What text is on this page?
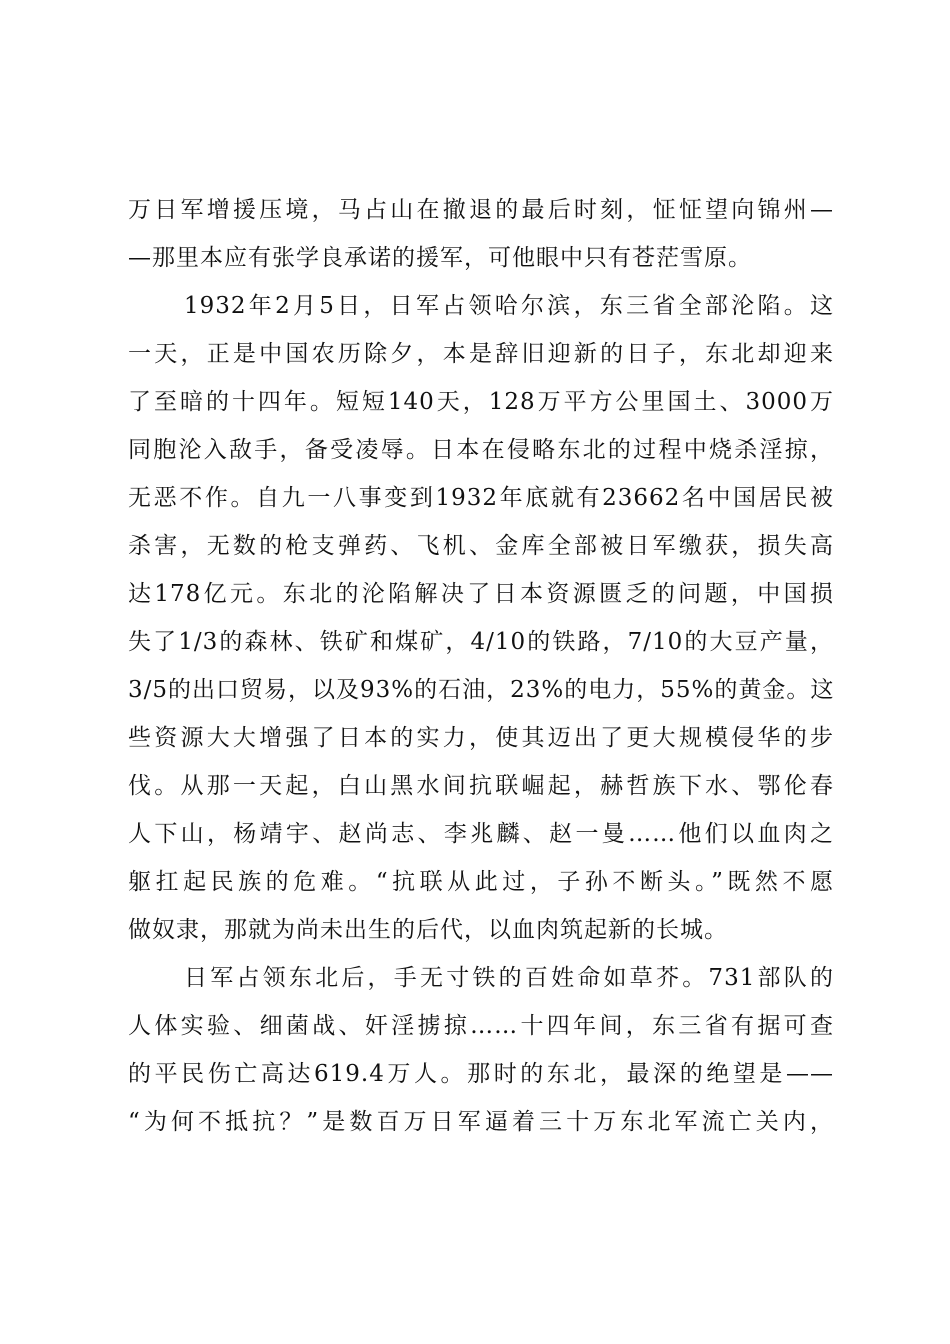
万日军增援压境，马占山在撤退的最后时刻，怔怔望向锦州—
—那里本应有张学良承诺的援军，可他眼中只有苍茫雪原。
1932年2月5日，日军占领哈尔滨，东三省全部沦陷。这
一天，正是中国农历除夕，本是辞旧迎新的日子，东北却迎来
了至暗的十四年。短短140天，128万平方公里国土、3000万
同胞沦入敌手，备受凌辱。日本在侵略东北的过程中烧杀淫掠，
无恶不作。自九一八事变到1932年底就有23662名中国居民被
杀害，无数的枪支弹药、飞机、金库全部被日军缴获，损失高
达178亿元。东北的沦陷解决了日本资源匮乏的问题，中国损
失了1/3的森林、铁矿和煤矿，4/10的铁路，7/10的大豆产量，
3/5的出口贸易，以及93%的石油，23%的电力，55%的黄金。这
些资源大大增强了日本的实力，使其迈出了更大规模侵华的步
伐。从那一天起，白山黑水间抗联崛起，赫哲族下水、鄂伦春
人下山，杨靖宇、赵尚志、李兆麟、赵一曼……他们以血肉之
躯扛起民族的危难。“抗联从此过，子孙不断头。”既然不愿
做奴隶，那就为尚未出生的后代，以血肉筑起新的长城。
日军占领东北后，手无寸铁的百姓命如草芥。731部队的
人体实验、细菌战、奸淫掳掠……十四年间，东三省有据可查
的平民伤亡高达619.4万人。那时的东北，最深的绝望是——
“为何不抵抗？”是数百万日军逼着三十万东北军流亡关内，
